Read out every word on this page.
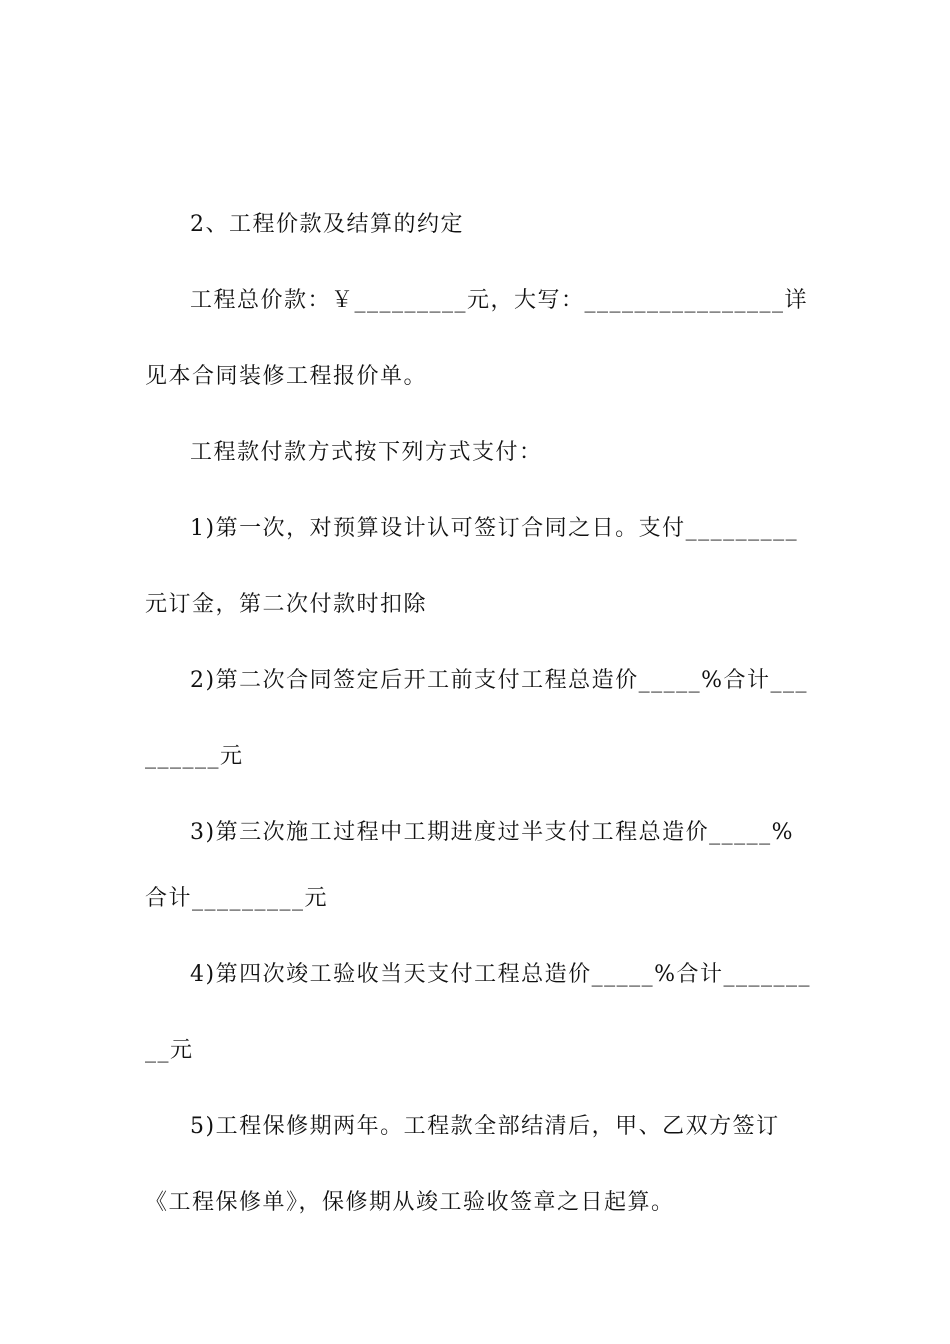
2、工程价款及结算的约定
工程总价款：￥_________元，大写：________________详
见本合同装修工程报价单。
工程款付款方式按下列方式支付：
1)第一次，对预算设计认可签订合同之日。支付_________
元订金，第二次付款时扣除
2)第二次合同签定后开工前支付工程总造价_____%合计___
______元
3)第三次施工过程中工期进度过半支付工程总造价_____%
合计_________元
4)第四次竣工验收当天支付工程总造价_____%合计_______
__元
5)工程保修期两年。工程款全部结清后，甲、乙双方签订
《工程保修单》，保修期从竣工验收签章之日起算。
